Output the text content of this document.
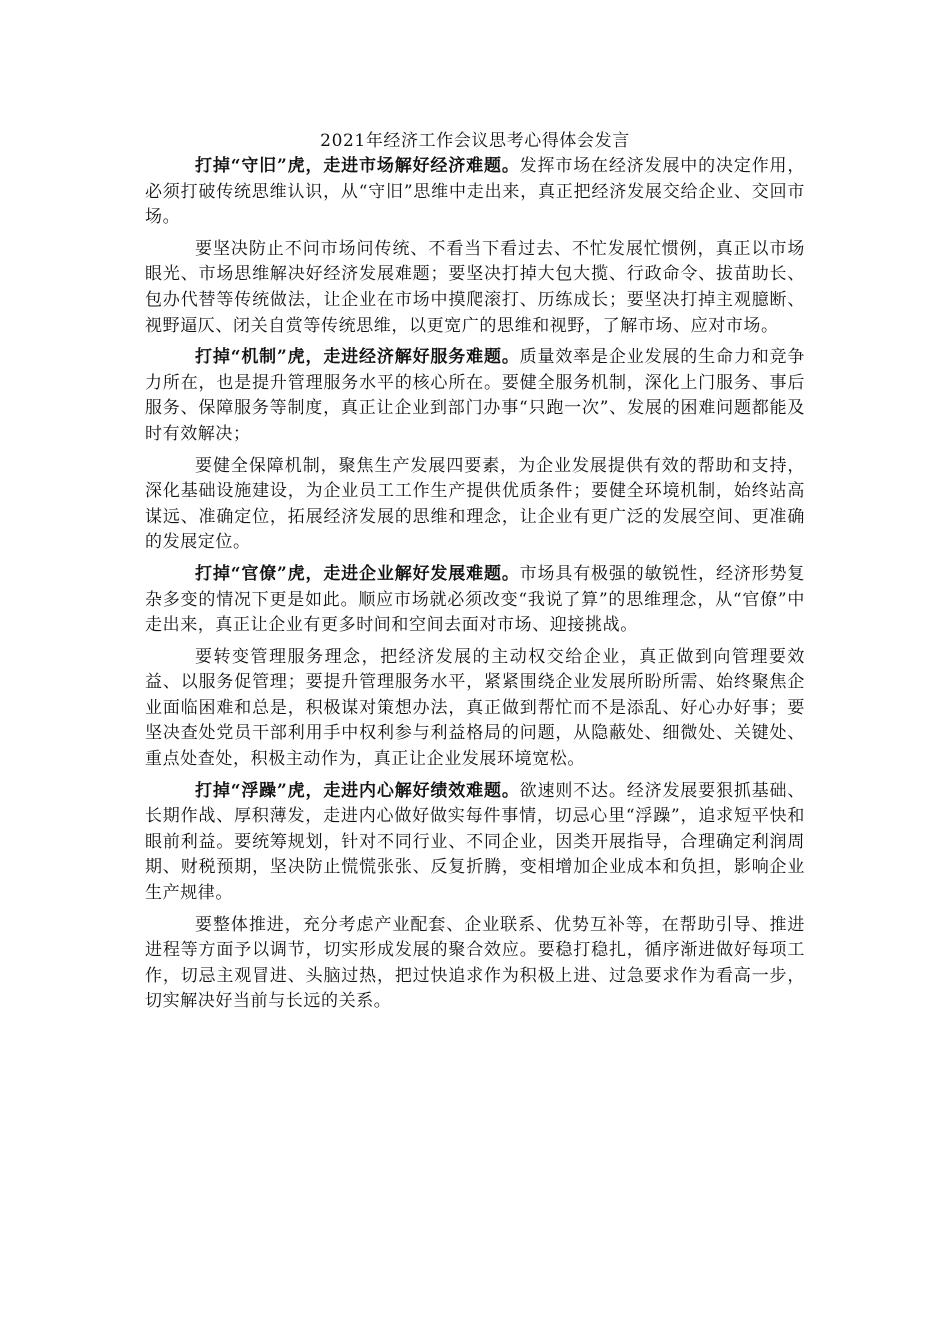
2021年经济工作会议思考心得体会发言

打掉“守旧”虎，走进市场解好经济难题。发挥市场在经济发展中的决定作用，必须打破传统思维认识，从“守旧”思维中走出来，真正把经济发展交给企业、交回市场。

要坚决防止不问市场问传统、不看当下看过去、不忙发展忙惯例，真正以市场眼光、市场思维解决好经济发展难题；要坚决打掉大包大揽、行政命令、拔苗助长、包办代替等传统做法，让企业在市场中摸爬滚打、历练成长；要坚决打掉主观臆断、视野逼仄、闭关自赏等传统思维，以更宽广的思维和视野，了解市场、应对市场。

打掉“机制”虎，走进经济解好服务难题。质量效率是企业发展的生命力和竞争力所在，也是提升管理服务水平的核心所在。要健全服务机制，深化上门服务、事后服务、保障服务等制度，真正让企业到部门办事“只跑一次”、发展的困难问题都能及时有效解决；

要健全保障机制，聚焦生产发展四要素，为企业发展提供有效的帮助和支持，深化基础设施建设，为企业员工工作生产提供优质条件；要健全环境机制，始终站高谋远、准确定位，拓展经济发展的思维和理念，让企业有更广泛的发展空间、更准确的发展定位。

打掉“官僚”虎，走进企业解好发展难题。市场具有极强的敏锐性，经济形势复杂多变的情况下更是如此。顺应市场就必须改变“我说了算”的思维理念，从“官僚”中走出来，真正让企业有更多时间和空间去面对市场、迎接挑战。

要转变管理服务理念，把经济发展的主动权交给企业，真正做到向管理要效益、以服务促管理；要提升管理服务水平，紧紧围绕企业发展所盼所需、始终聚焦企业面临困难和总是，积极谋对策想办法，真正做到帮忙而不是添乱、好心办好事；要坚决查处党员干部利用手中权利参与利益格局的问题，从隐蔽处、细微处、关键处、重点处查处，积极主动作为，真正让企业发展环境宽松。

打掉“浮躁”虎，走进内心解好绩效难题。欲速则不达。经济发展要狠抓基础、长期作战、厚积薄发，走进内心做好做实每件事情，切忌心里“浮躁”，追求短平快和眼前利益。要统筹规划，针对不同行业、不同企业，因类开展指导，合理确定利润周期、财税预期，坚决防止慌慌张张、反复折腾，变相增加企业成本和负担，影响企业生产规律。

要整体推进，充分考虑产业配套、企业联系、优势互补等，在帮助引导、推进进程等方面予以调节，切实形成发展的聚合效应。要稳打稳扎，循序渐进做好每项工作，切忌主观冒进、头脑过热，把过快追求作为积极上进、过急要求作为看高一步，切实解决好当前与长远的关系。
